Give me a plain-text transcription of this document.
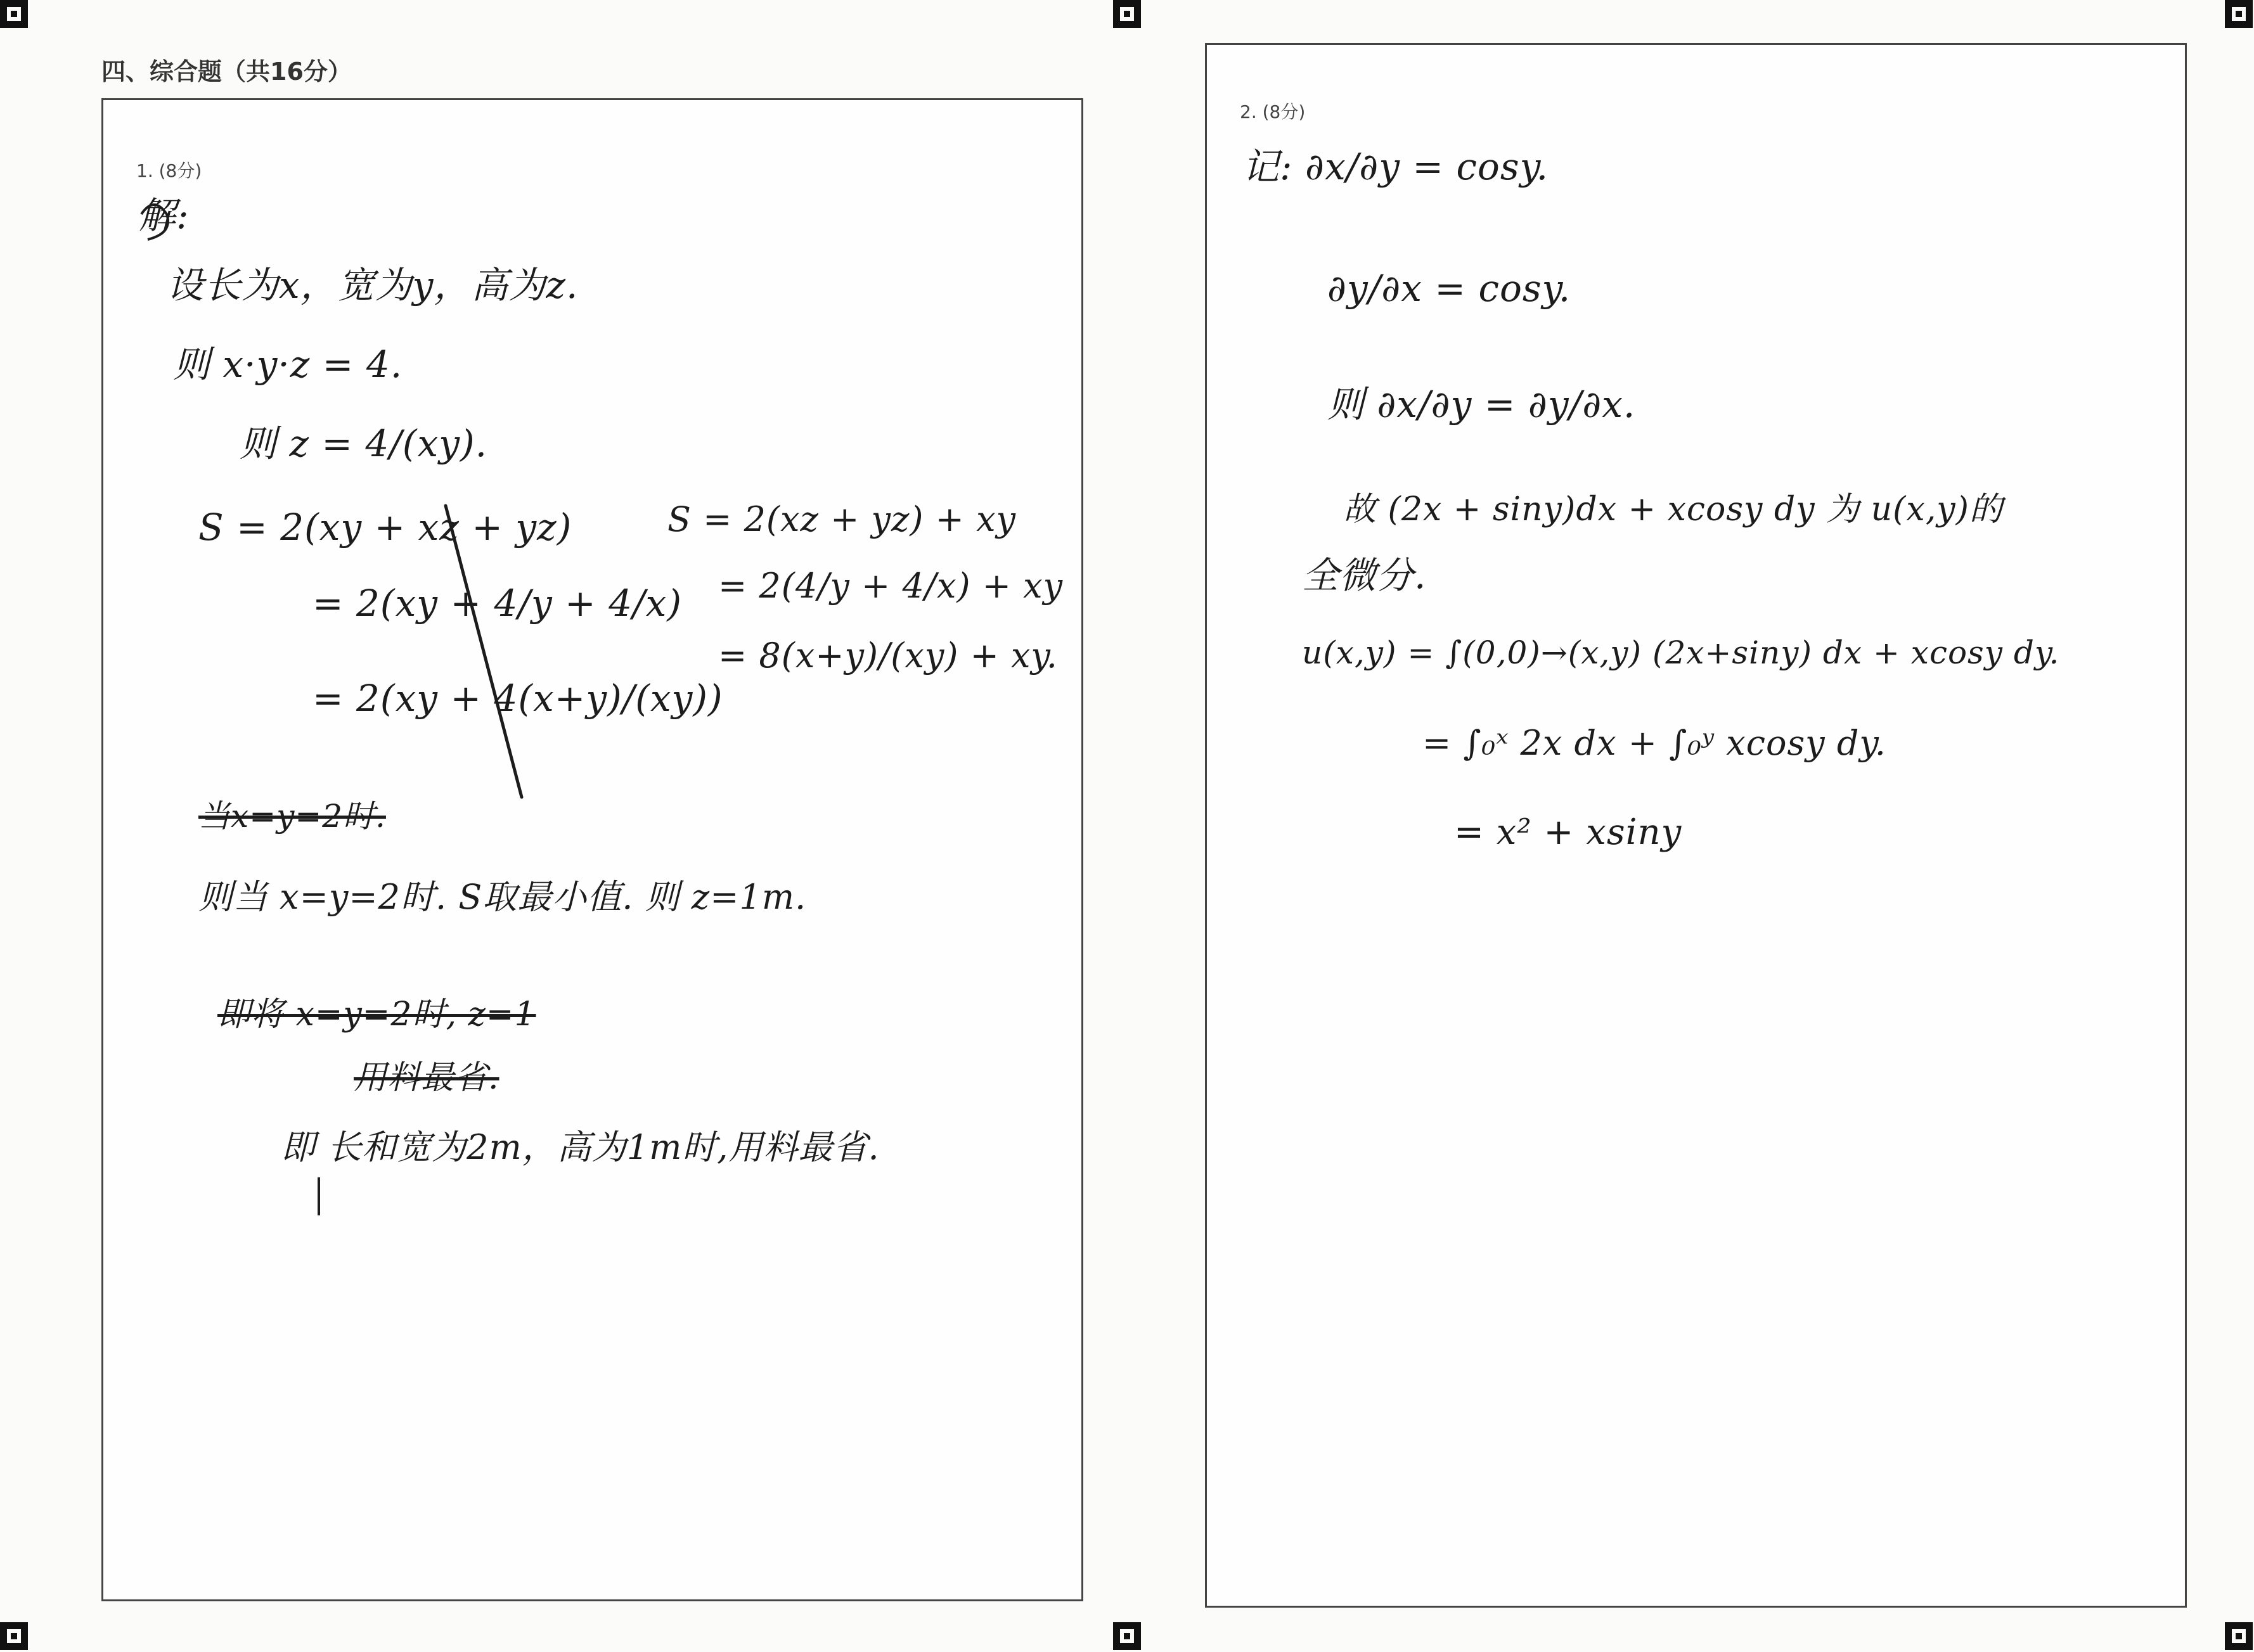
四、综合题（共16分）
1. (8分)
解:
设长为x，宽为y，高为z.
则 x·y·z = 4.
则 z = 4/(xy).
S = 2(xy + xz + yz)
= 2(xy + 4/y + 4/x)
= 2(xy + 4(x+y)/(xy))
S = 2(xz + yz) + xy
= 2(4/y + 4/x) + xy
= 8(x+y)/(xy) + xy.
当x=y=2时.
则当 x=y=2时. S取最小值. 则 z=1m.
即将 x=y=2时, z=1
用料最省.
即 长和宽为2m，高为1m时,用料最省.
2. (8分)
记: ∂x/∂y = cosy.
∂y/∂x = cosy.
则 ∂x/∂y = ∂y/∂x.
故 (2x + siny)dx + xcosy dy 为 u(x,y)的
全微分.
u(x,y) = ∫(0,0)→(x,y) (2x+siny) dx + xcosy dy.
= ∫₀ˣ 2x dx + ∫₀ʸ xcosy dy.
= x² + xsiny
